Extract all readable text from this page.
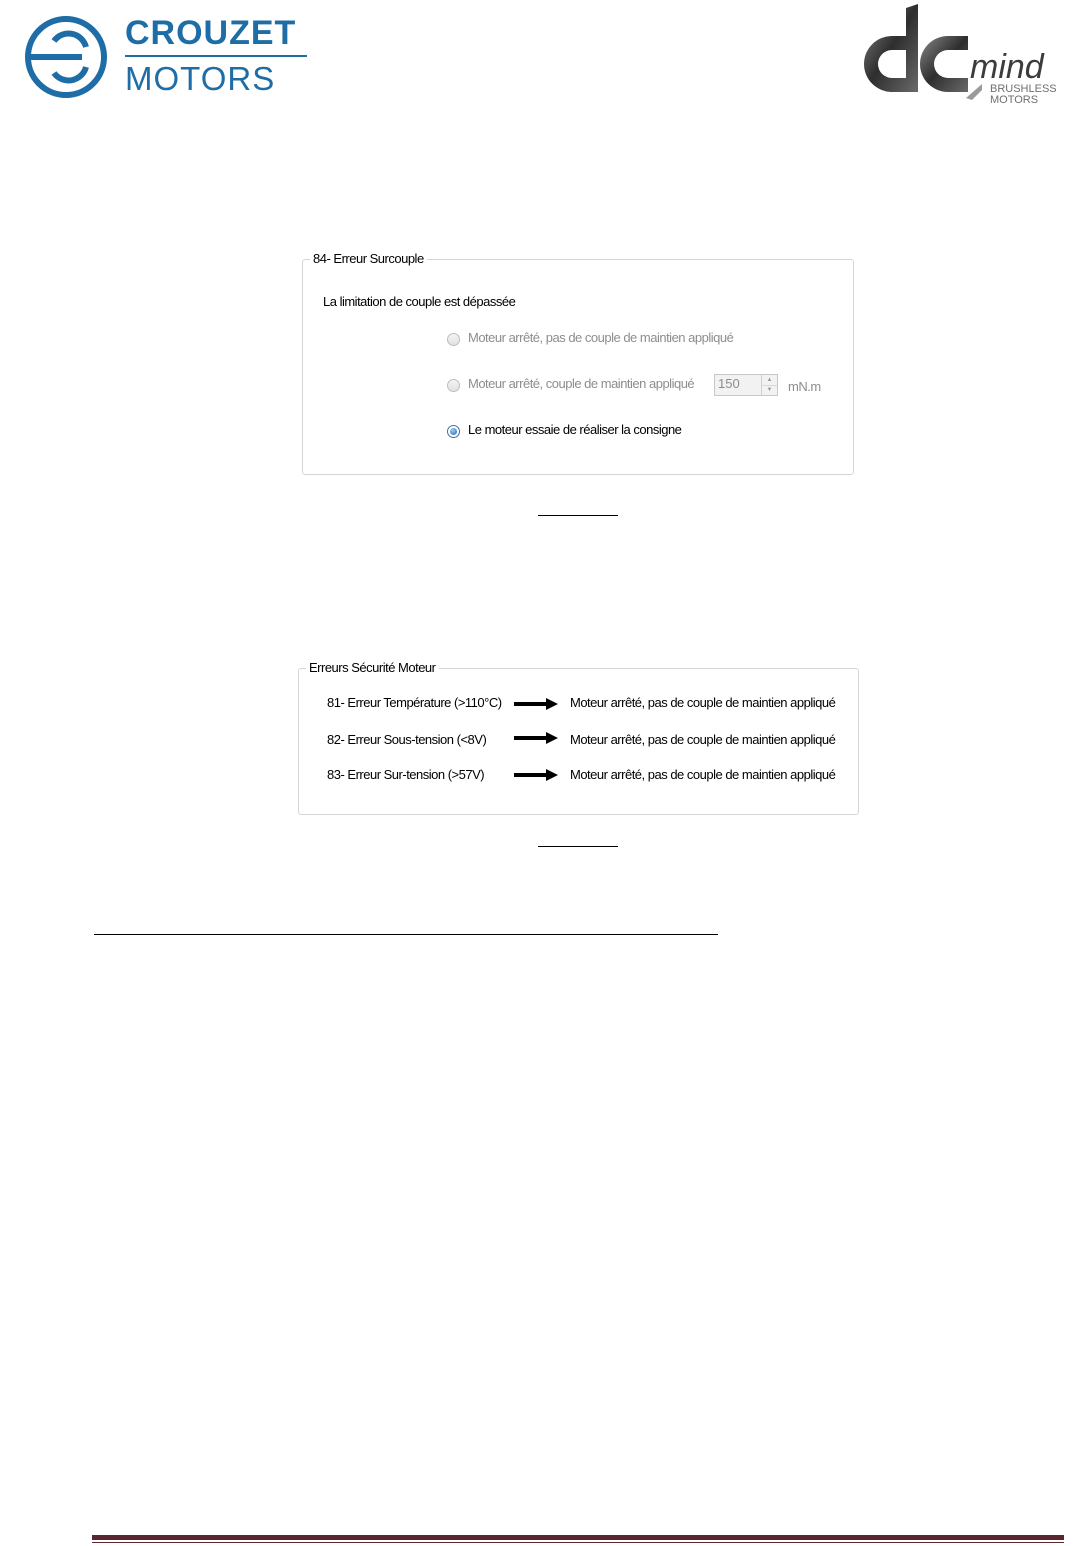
CROUZET
MOTORS	mind
BRUSHLESS
MOTORS
84- Erreur Surcouple
La limitation de couple est dépassée
Moteur arrêté, pas de couple de maintien appliqué
Moteur arrêté, couple de maintien appliqué 150	▲
▼	mN.m
Le moteur essaie de réaliser la consigne
Erreurs Sécurité Moteur
81- Erreur Température (>110°C)	Moteur arrêté, pas de couple de maintien appliqué
82- Erreur Sous-tension (<8V)	Moteur arrêté, pas de couple de maintien appliqué
83- Erreur Sur-tension (>57V)	Moteur arrêté, pas de couple de maintien appliqué
